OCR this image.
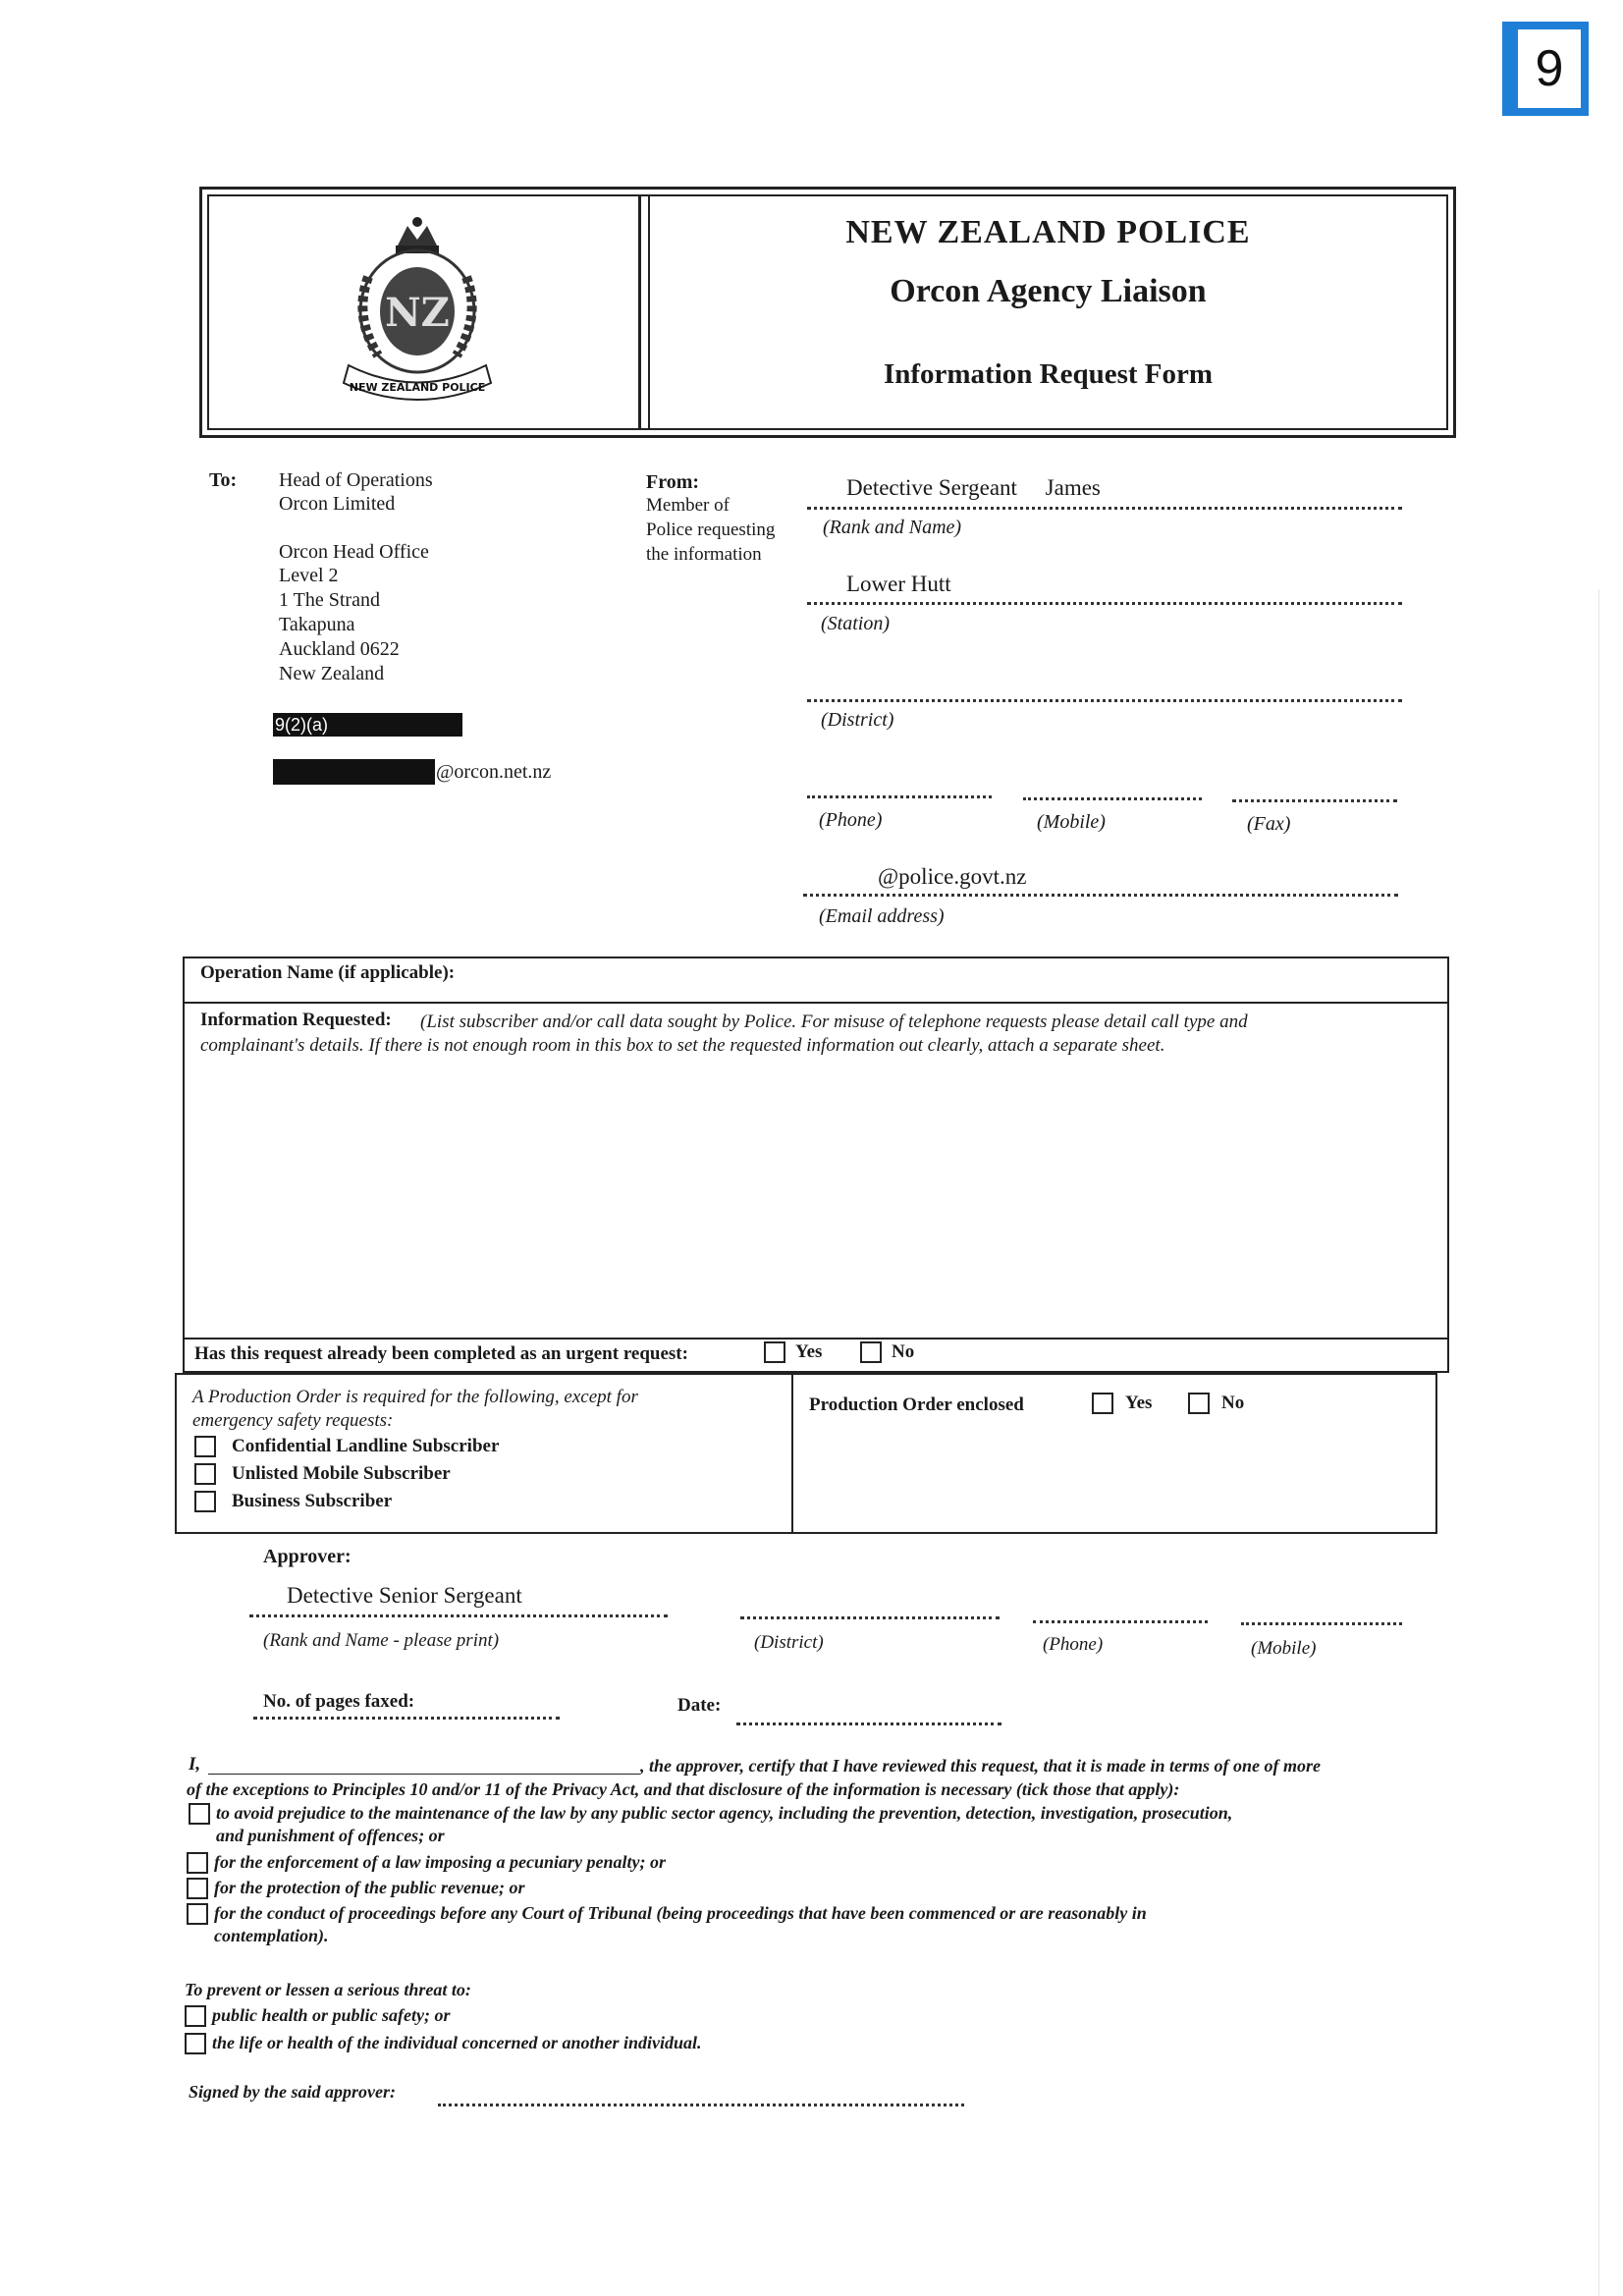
9
NZ
NEW ZEALAND POLICE
NEW ZEALAND POLICE
Orcon Agency Liaison
Information Request Form
To: Head of Operations
Orcon Limited
Orcon Head Office
Level 2
1 The Strand
Takapuna
Auckland 0622
New Zealand
9(2)(a)
@orcon.net.nz
From:
Member of
Police requesting
the information
Detective Sergeant     James
(Rank and Name)
Lower Hutt
(Station)
(District)
(Phone)	(Mobile)	(Fax)
@police.govt.nz
(Email address)
Operation Name (if applicable):
Information Requested: (List subscriber and/or call data sought by Police. For misuse of telephone requests please detail call type and
complainant's details. If there is not enough room in this box to set the requested information out clearly, attach a separate sheet.
Has this request already been completed as an urgent request:	Yes	No
A Production Order is required for the following, except for
emergency safety requests:
Confidential Landline Subscriber
Unlisted Mobile Subscriber
Business Subscriber
Production Order enclosed	Yes	No
Approver:
Detective Senior Sergeant
(Rank and Name - please print)	(District)	(Phone)	(Mobile)
No. of pages faxed:	Date:
I,	, the approver, certify that I have reviewed this request, that it is made in terms of one of more
of the exceptions to Principles 10 and/or 11 of the Privacy Act, and that disclosure of the information is necessary (tick those that apply):
to avoid prejudice to the maintenance of the law by any public sector agency, including the prevention, detection, investigation, prosecution,
and punishment of offences; or
for the enforcement of a law imposing a pecuniary penalty; or
for the protection of the public revenue; or
for the conduct of proceedings before any Court of Tribunal (being proceedings that have been commenced or are reasonably in
contemplation).
To prevent or lessen a serious threat to:
public health or public safety; or
the life or health of the individual concerned or another individual.
Signed by the said approver:
